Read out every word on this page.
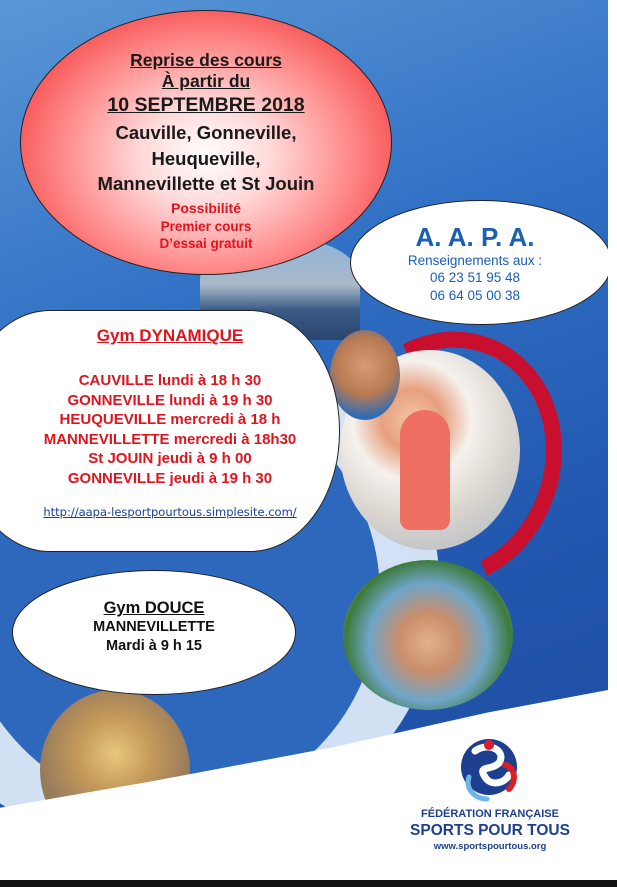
Reprise des cours
À partir du
10 SEPTEMBRE 2018
Cauville, Gonneville,
Heuqueville,
Mannevillette et St Jouin
Possibilité
Premier cours
D’essai gratuit	A. A. P. A.
Renseignements aux :
06 23 51 95 48
06 64 05 00 38
Gym DYNAMIQUE
CAUVILLE lundi à 18 h 30
GONNEVILLE lundi à 19 h 30
HEUQUEVILLE mercredi à 18 h
MANNEVILLETTE mercredi à 18h30
St JOUIN jeudi à 9 h 00
GONNEVILLE jeudi à 19 h 30
http://aapa-lesportpourtous.simplesite.com/
Gym DOUCE
MANNEVILLETTE
Mardi à 9 h 15
FÉDÉRATION FRANÇAISE
SPORTS POUR TOUS
www.sportspourtous.org
